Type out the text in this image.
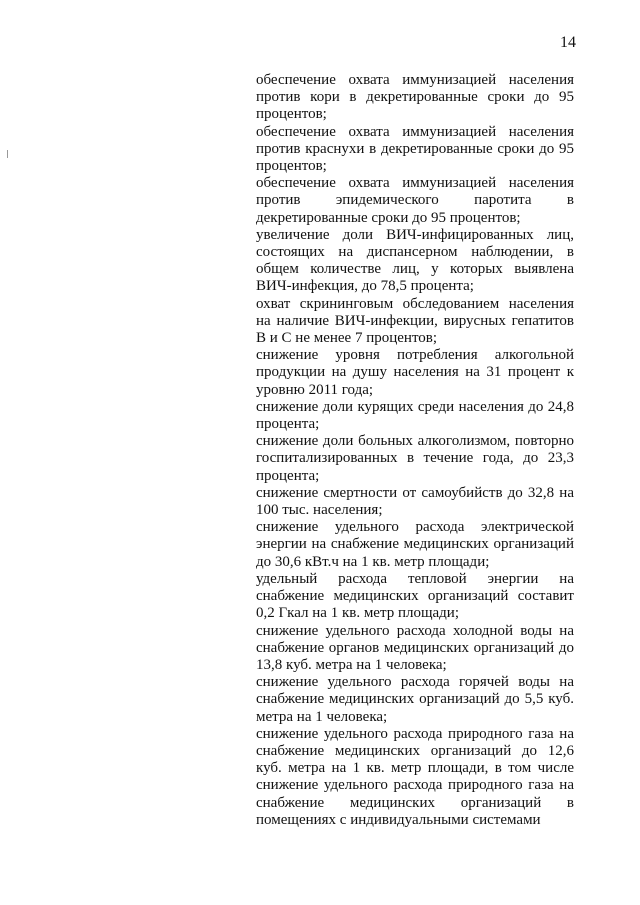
14
обеспечение охвата иммунизацией населения против кори в декретированные сроки до 95 процентов;
обеспечение охвата иммунизацией населения против краснухи в декретированные сроки до 95 процентов;
обеспечение охвата иммунизацией населения против эпидемического паротита в декретированные сроки до 95 процентов;
увеличение доли ВИЧ-инфицированных лиц, состоящих на диспансерном наблюдении, в общем количестве лиц, у которых выявлена ВИЧ-инфекция, до 78,5 процента;
охват скрининговым обследованием населения на наличие ВИЧ-инфекции, вирусных гепатитов В и С не менее 7 процентов;
снижение уровня потребления алкогольной продукции на душу населения на 31 процент к уровню 2011 года;
снижение доли курящих среди населения до 24,8 процента;
снижение доли больных алкоголизмом, повторно госпитализированных в течение года, до 23,3 процента;
снижение смертности от самоубийств до 32,8 на 100 тыс. населения;
снижение удельного расхода электрической энергии на снабжение медицинских организаций до 30,6 кВт.ч на 1 кв. метр площади;
удельный расхода тепловой энергии на снабжение медицинских организаций составит 0,2 Гкал на 1 кв. метр площади;
снижение удельного расхода холодной воды на снабжение органов медицинских организаций до 13,8 куб. метра на 1 человека;
снижение удельного расхода горячей воды на снабжение медицинских организаций до 5,5 куб. метра на 1 человека;
снижение удельного расхода природного газа на снабжение медицинских организаций до 12,6 куб. метра на 1 кв. метр площади, в том числе снижение удельного расхода природного газа на снабжение медицинских организаций в помещениях с индивидуальными системами
